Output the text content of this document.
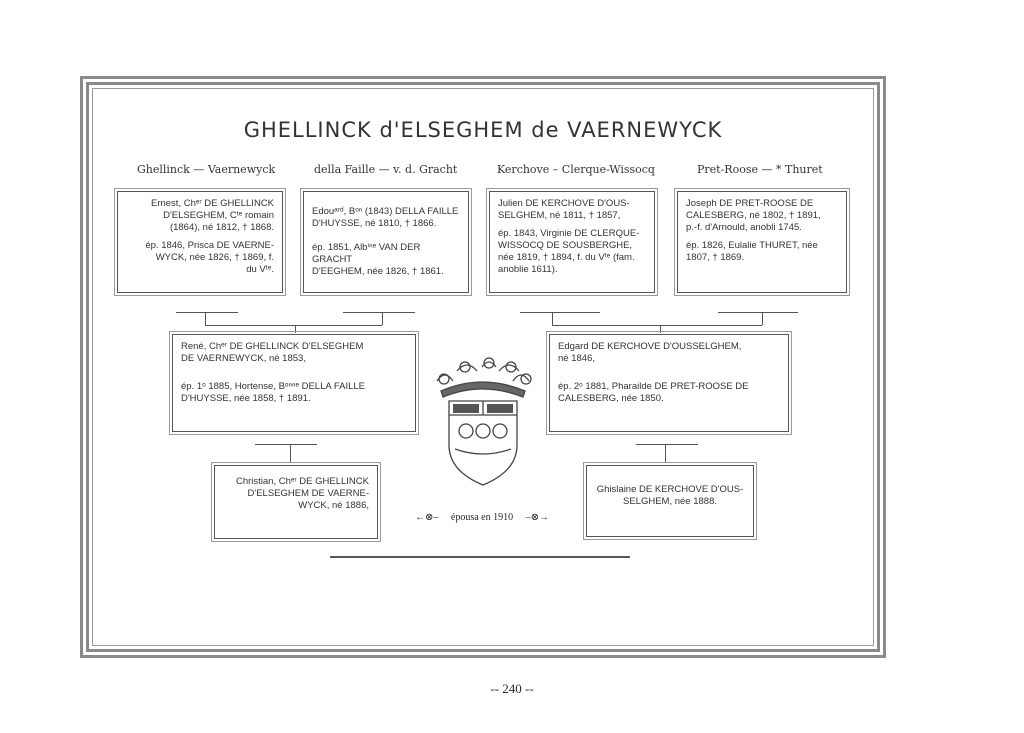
GHELLINCK d'ELSEGHEM de VAERNEWYCK
Ghellinck — Vaernewyck	della Faille — v. d. Gracht	Kerchove – Clerque-Wissocq	Pret-Roose — * Thuret

Ernest, Chᵉʳ DE GHELLINCK
D'ELSEGHEM, Cᵗᵉ romain
(1864), né 1812, † 1868.

ép. 1846, Prisca DE VAERNE-
WYCK, née 1826, † 1869, f.
du Vᵗᵉ.

Edouᵃʳᵈ, Bᵒⁿ (1843) DELLA FAILLE
D'HUYSSE, né 1810, † 1866.

ép. 1851, Albⁱⁿᵉ VAN DER GRACHT
D'EEGHEM, née 1826, † 1861.

Julien DE KERCHOVE D'OUS-
SELGHEM, né 1811, † 1857,

ép. 1843, Virginie DE CLERQUE-
WISSOCQ DE SOUSBERGHE,
née 1819, † 1894, f. du Vᵗᵉ (fam.
anoblie 1611).

Joseph DE PRET-ROOSE DE
CALESBERG, né 1802, † 1891,
p.-f. d'Arnould, anobli 1745.

ép. 1826, Eulalie THURET, née
1807, † 1869.

René, Chᵉʳ DE GHELLINCK D'ELSEGHEM
DE VAERNEWYCK, né 1853,

ép. 1ᵒ 1885, Hortense, Bᵒⁿⁿᵉ DELLA FAILLE
D'HUYSSE, née 1858, † 1891.

Edgard DE KERCHOVE D'OUSSELGHEM,
né 1846,

ép. 2ᵒ 1881, Pharailde DE PRET-ROOSE DE
CALESBERG, née 1850.

Christian, Chᵉʳ DE GHELLINCK
D'ELSEGHEM DE VAERNE-
WYCK, né 1886,

Ghislaine DE KERCHOVE D'OUS-
SELGHEM, née 1888.

←⊗– épousa en 1910 –⊗→
-- 240 --
